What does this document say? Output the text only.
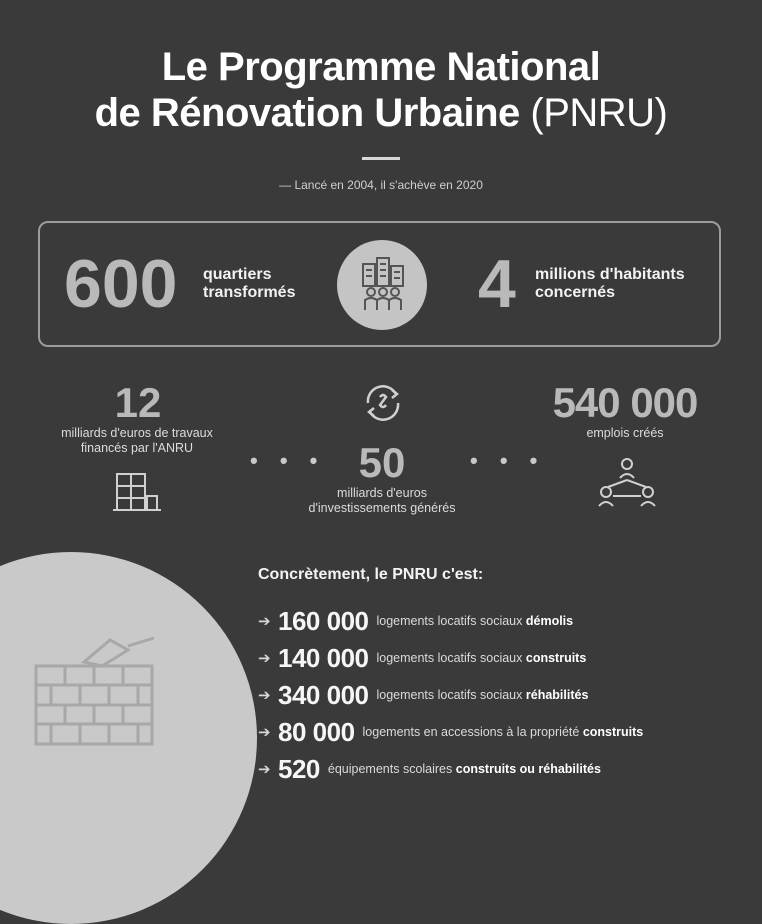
Le Programme National
de Rénovation Urbaine (PNRU)
— Lancé en 2004, il s'achève en 2020
600 quartiers
transformés	4 millions d'habitants
concernés
12
milliards d'euros de travaux
financés par l'ANRU	• • • 50
milliards d'euros
d'investissements générés
• • •
540 000
emplois créés
Concrètement, le PNRU c'est:
➔ 160 000 logements locatifs sociaux démolis
➔ 140 000 logements locatifs sociaux construits
➔ 340 000 logements locatifs sociaux réhabilités
➔ 80 000 logements en accessions à la propriété construits
➔ 520 équipements scolaires construits ou réhabilités
